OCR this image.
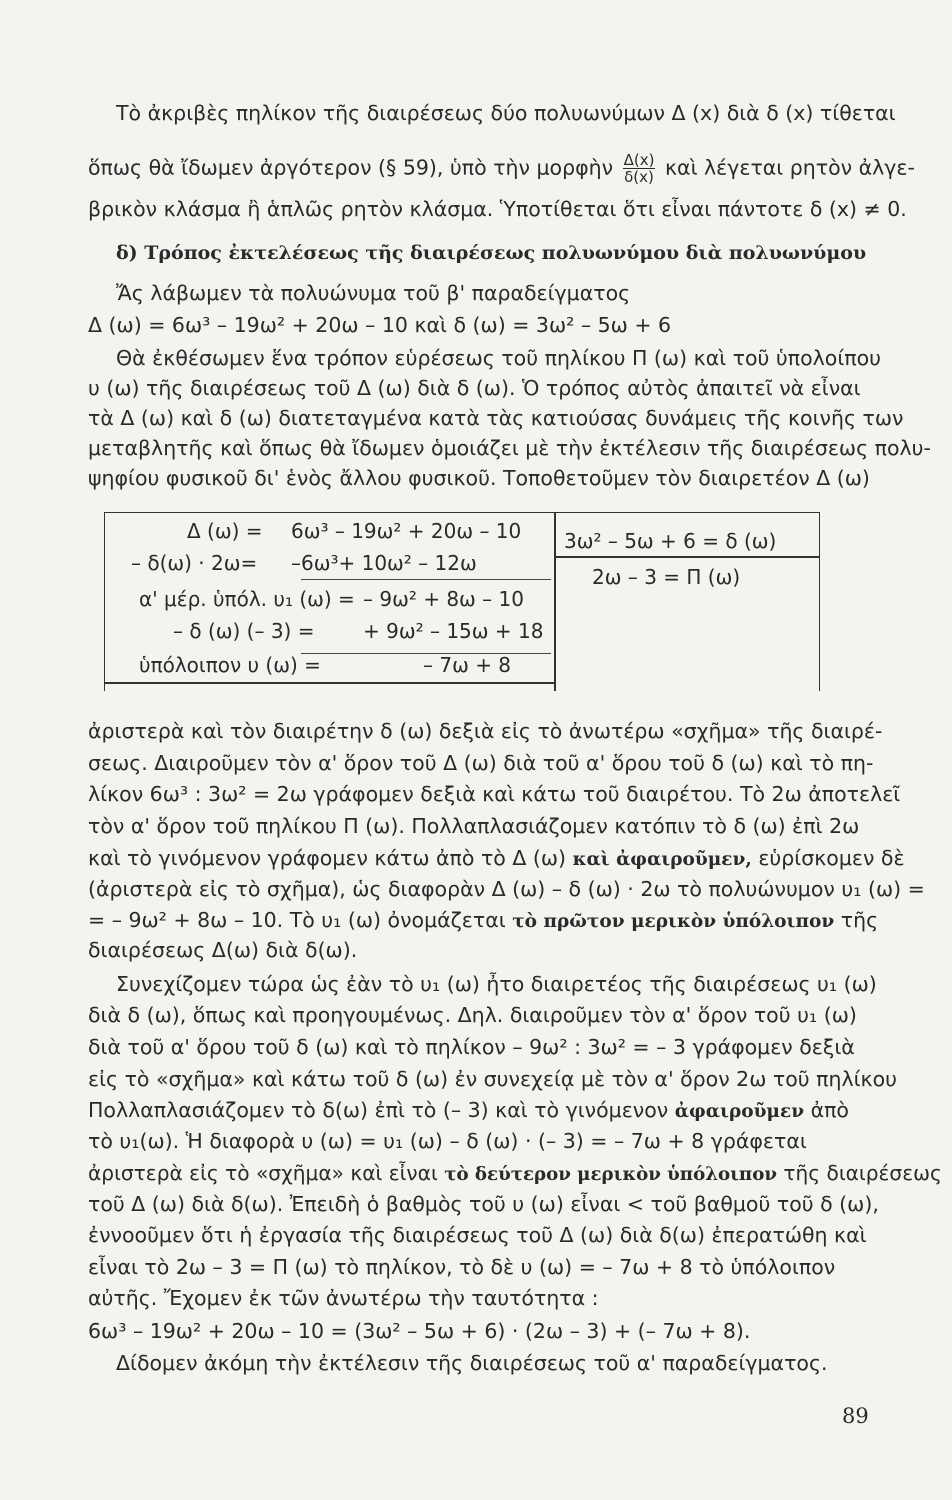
Τὸ ἀκριβὲς πηλίκον τῆς διαιρέσεως δύο πολυωνύμων Δ (x) διὰ δ (x) τίθεται
ὅπως θὰ ἴδωμεν ἀργότερον (§ 59), ὑπὸ τὴν μορφὴν $\frac{\Delta(x)}{\delta(x)}$ καὶ λέγεται ρητὸν ἀλγε-
βρικὸν κλάσμα ἢ ἁπλῶς ρητὸν κλάσμα. Ὑποτίθεται ὅτι εἶναι πάντοτε δ (x) ≠ 0.
δ) Τρόπος ἐκτελέσεως τῆς διαιρέσεως πολυωνύμου διὰ πολυωνύμου
Ἄς λάβωμεν τὰ πολυώνυμα τοῦ β' παραδείγματος
Δ (ω) = 6ω³ – 19ω² + 20ω – 10 καὶ δ (ω) = 3ω² – 5ω + 6
Θὰ ἐκθέσωμεν ἕνα τρόπον εὑρέσεως τοῦ πηλίκου Π (ω) καὶ τοῦ ὑπολοίπου
υ (ω) τῆς διαιρέσεως τοῦ Δ (ω) διὰ δ (ω). Ὁ τρόπος αὐτὸς ἀπαιτεῖ νὰ εἶναι
τὰ Δ (ω) καὶ δ (ω) διατεταγμένα κατὰ τὰς κατιούσας δυνάμεις τῆς κοινῆς των
μεταβλητῆς καὶ ὅπως θὰ ἴδωμεν ὁμοιάζει μὲ τὴν ἐκτέλεσιν τῆς διαιρέσεως πολυ-
ψηφίου φυσικοῦ δι' ἑνὸς ἄλλου φυσικοῦ. Τοποθετοῦμεν τὸν διαιρετέον Δ (ω)
Δ (ω) = 6ω³ – 19ω² + 20ω – 10
– δ(ω) · 2ω= –6ω³+ 10ω² – 12ω
α' μέρ. ὑπόλ. υ₁ (ω) = – 9ω² + 8ω – 10
– δ (ω) (– 3) = + 9ω² – 15ω + 18
ὑπόλοιπον υ (ω) =	– 7ω + 8
3ω² – 5ω + 6 = δ (ω)
2ω – 3 = Π (ω)
ἀριστερὰ καὶ τὸν διαιρέτην δ (ω) δεξιὰ εἰς τὸ ἀνωτέρω «σχῆμα» τῆς διαιρέ-
σεως. Διαιροῦμεν τὸν α' ὅρον τοῦ Δ (ω) διὰ τοῦ α' ὅρου τοῦ δ (ω) καὶ τὸ πη-
λίκον 6ω³ : 3ω² = 2ω γράφομεν δεξιὰ καὶ κάτω τοῦ διαιρέτου. Τὸ 2ω ἀποτελεῖ
τὸν α' ὅρον τοῦ πηλίκου Π (ω). Πολλαπλασιάζομεν κατόπιν τὸ δ (ω) ἐπὶ 2ω
καὶ τὸ γινόμενον γράφομεν κάτω ἀπὸ τὸ Δ (ω) καὶ ἀφαιροῦμεν, εὑρίσκομεν δὲ
(ἀριστερὰ εἰς τὸ σχῆμα), ὡς διαφορὰν Δ (ω) – δ (ω) · 2ω τὸ πολυώνυμον υ₁ (ω) =
= – 9ω² + 8ω – 10. Τὸ υ₁ (ω) ὀνομάζεται τὸ πρῶτον μερικὸν ὑπόλοιπον τῆς
διαιρέσεως Δ(ω) διὰ δ(ω).
Συνεχίζομεν τώρα ὡς ἐὰν τὸ υ₁ (ω) ἦτο διαιρετέος τῆς διαιρέσεως υ₁ (ω)
διὰ δ (ω), ὅπως καὶ προηγουμένως. Δηλ. διαιροῦμεν τὸν α' ὅρον τοῦ υ₁ (ω)
διὰ τοῦ α' ὅρου τοῦ δ (ω) καὶ τὸ πηλίκον – 9ω² : 3ω² = – 3 γράφομεν δεξιὰ
εἰς τὸ «σχῆμα» καὶ κάτω τοῦ δ (ω) ἐν συνεχείᾳ μὲ τὸν α' ὅρον 2ω τοῦ πηλίκου
Πολλαπλασιάζομεν τὸ δ(ω) ἐπὶ τὸ (– 3) καὶ τὸ γινόμενον ἀφαιροῦμεν ἀπὸ
τὸ υ₁(ω). Ἡ διαφορὰ υ (ω) = υ₁ (ω) – δ (ω) · (– 3) = – 7ω + 8 γράφεται
ἀριστερὰ εἰς τὸ «σχῆμα» καὶ εἶναι τὸ δεύτερον μερικὸν ὑπόλοιπον τῆς διαιρέσεως
τοῦ Δ (ω) διὰ δ(ω). Ἐπειδὴ ὁ βαθμὸς τοῦ υ (ω) εἶναι < τοῦ βαθμοῦ τοῦ δ (ω),
ἐννοοῦμεν ὅτι ἡ ἐργασία τῆς διαιρέσεως τοῦ Δ (ω) διὰ δ(ω) ἐπερατώθη καὶ
εἶναι τὸ 2ω – 3 = Π (ω) τὸ πηλίκον, τὸ δὲ υ (ω) = – 7ω + 8 τὸ ὑπόλοιπον
αὐτῆς. Ἔχομεν ἐκ τῶν ἀνωτέρω τὴν ταυτότητα :
6ω³ – 19ω² + 20ω – 10 = (3ω² – 5ω + 6) · (2ω – 3) + (– 7ω + 8).
Δίδομεν ἀκόμη τὴν ἐκτέλεσιν τῆς διαιρέσεως τοῦ α' παραδείγματος.
89
